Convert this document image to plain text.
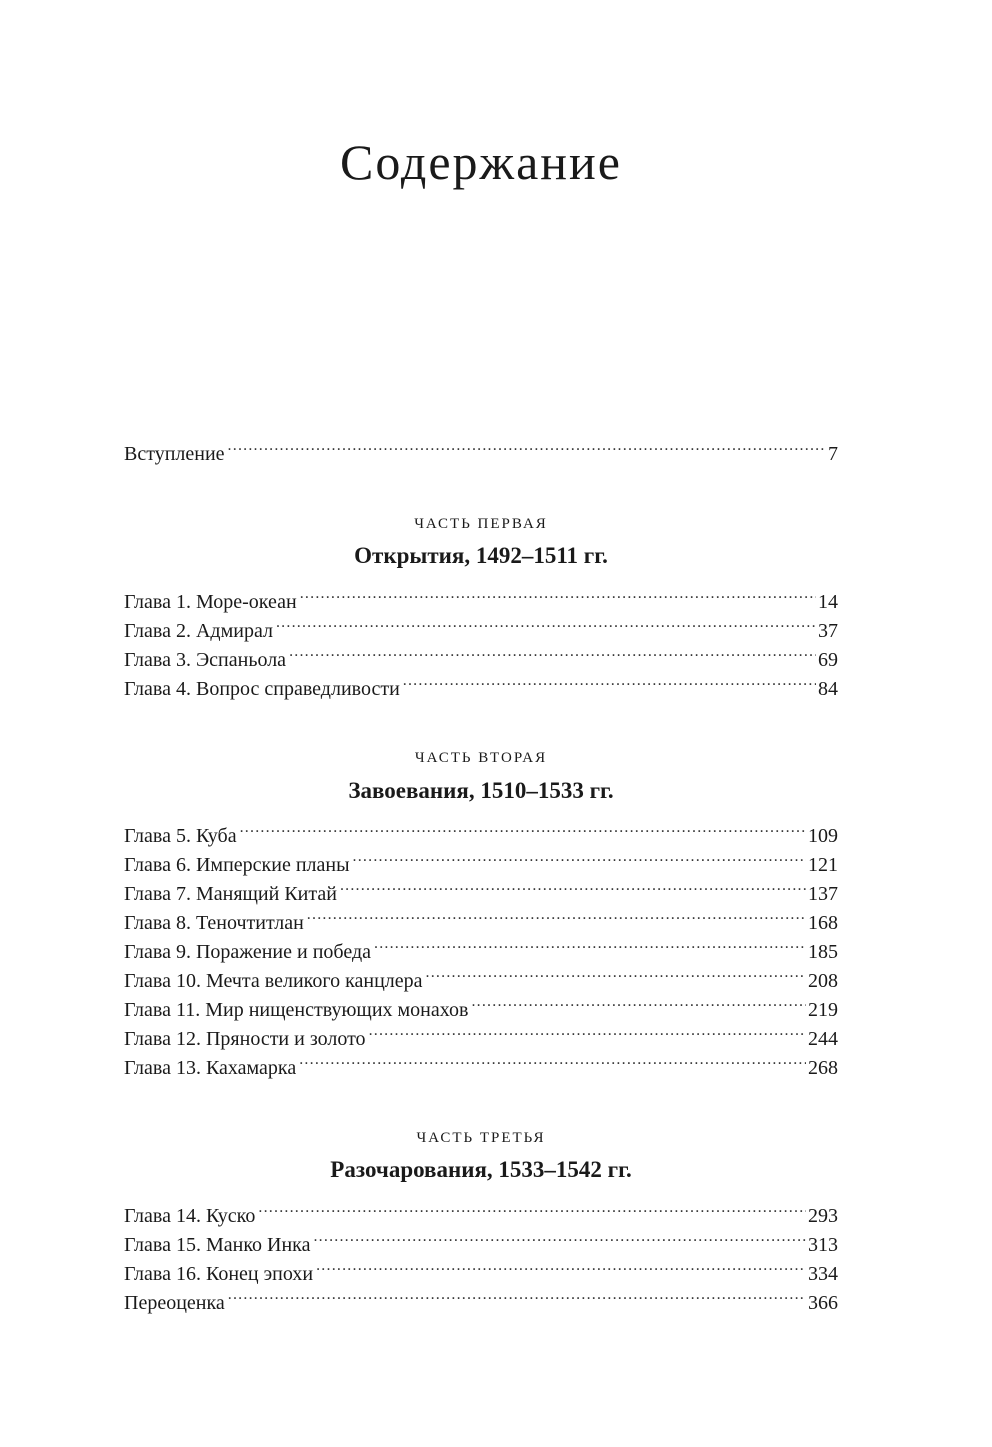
Содержание
Вступление .....	7

ЧАСТЬ ПЕРВАЯ

Открытия, 1492–1511 гг.
Глава 1. Море-океан .....	14
Глава 2. Адмирал .....	37
Глава 3. Эспаньола .....	69
Глава 4. Вопрос справедливости .....	84

ЧАСТЬ ВТОРАЯ

Завоевания, 1510–1533 гг.
Глава 5. Куба .....	109
Глава 6. Имперские планы .....	121
Глава 7. Манящий Китай .....	137
Глава 8. Теночтитлан .....	168
Глава 9. Поражение и победа .....	185
Глава 10. Мечта великого канцлера .....	208
Глава 11. Мир нищенствующих монахов .....	219
Глава 12. Пряности и золото .....	244
Глава 13. Кахамарка .....	268

ЧАСТЬ ТРЕТЬЯ

Разочарования, 1533–1542 гг.
Глава 14. Куско .....	293
Глава 15. Манко Инка .....	313
Глава 16. Конец эпохи .....	334
Переоценка .....	366
